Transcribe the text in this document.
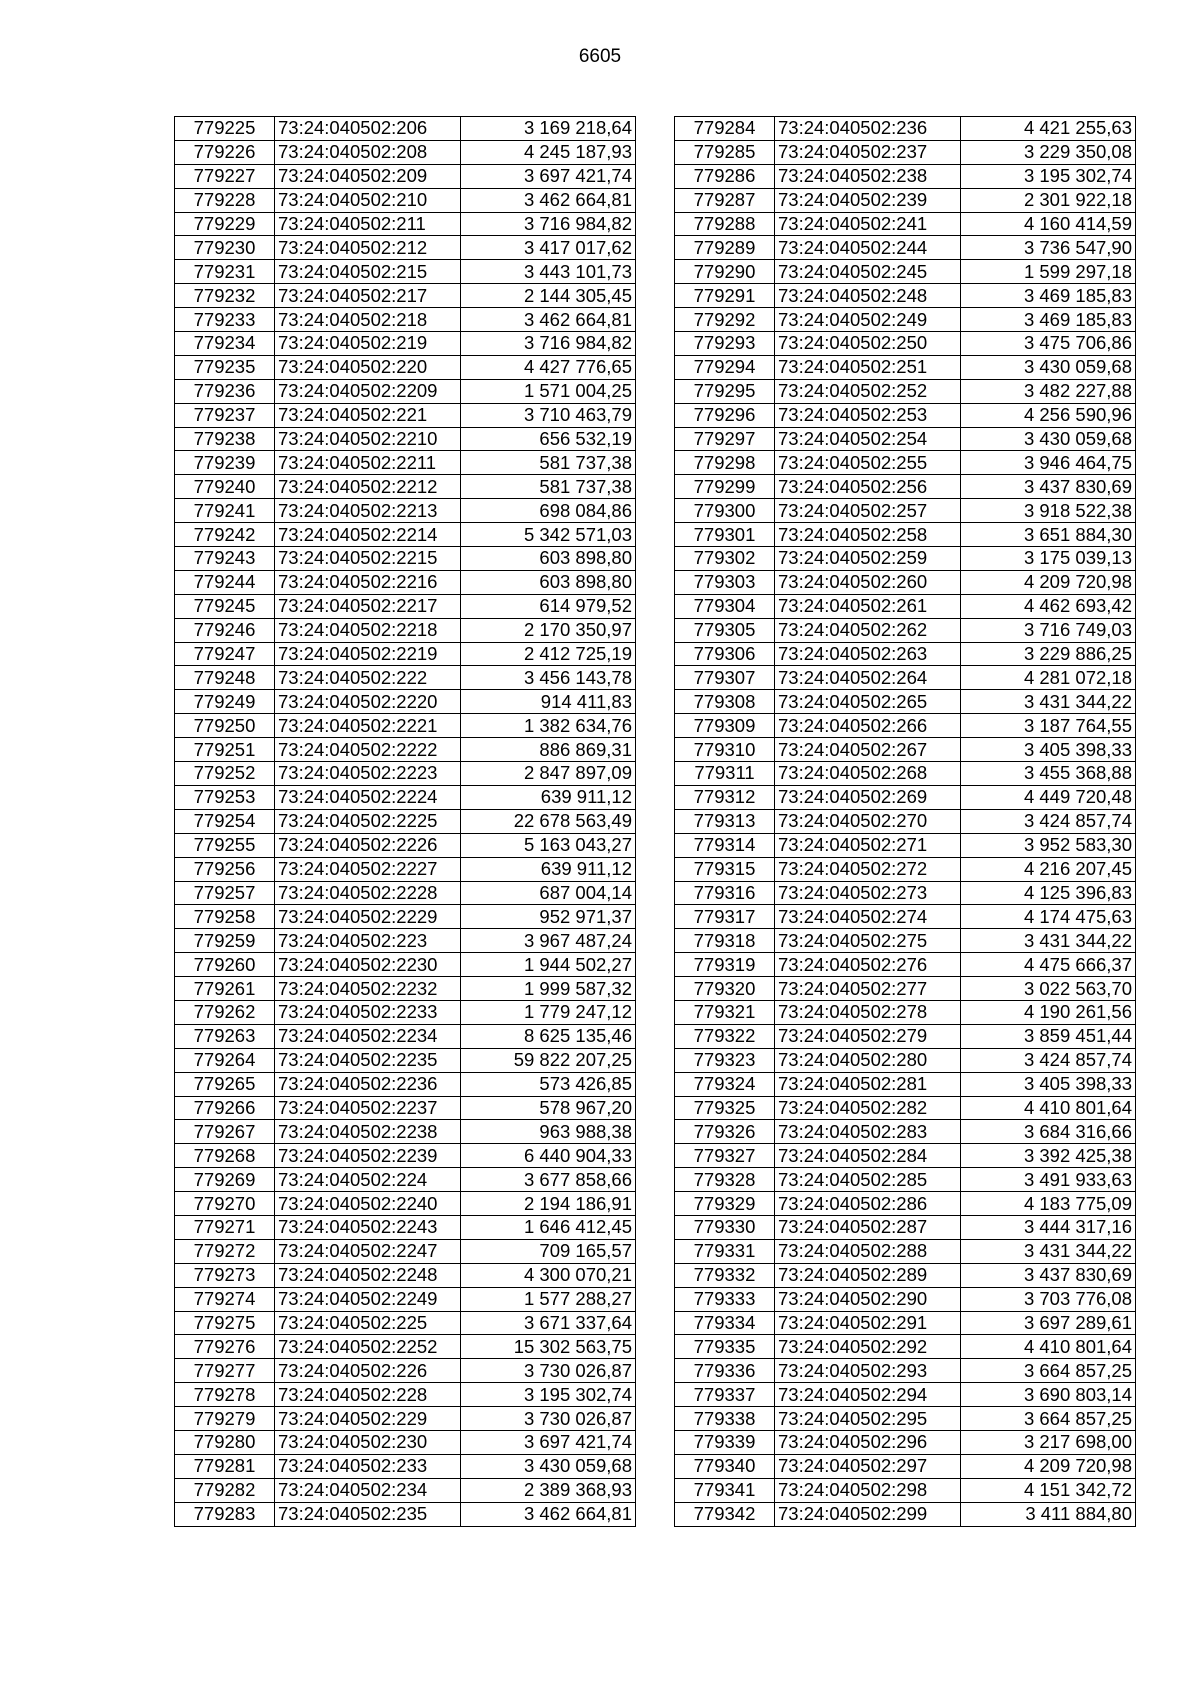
6605
779225	73:24:040502:206	3 169 218,64
779226	73:24:040502:208	4 245 187,93
779227	73:24:040502:209	3 697 421,74
779228	73:24:040502:210	3 462 664,81
779229	73:24:040502:211	3 716 984,82
779230	73:24:040502:212	3 417 017,62
779231	73:24:040502:215	3 443 101,73
779232	73:24:040502:217	2 144 305,45
779233	73:24:040502:218	3 462 664,81
779234	73:24:040502:219	3 716 984,82
779235	73:24:040502:220	4 427 776,65
779236	73:24:040502:2209	1 571 004,25
779237	73:24:040502:221	3 710 463,79
779238	73:24:040502:2210	656 532,19
779239	73:24:040502:2211	581 737,38
779240	73:24:040502:2212	581 737,38
779241	73:24:040502:2213	698 084,86
779242	73:24:040502:2214	5 342 571,03
779243	73:24:040502:2215	603 898,80
779244	73:24:040502:2216	603 898,80
779245	73:24:040502:2217	614 979,52
779246	73:24:040502:2218	2 170 350,97
779247	73:24:040502:2219	2 412 725,19
779248	73:24:040502:222	3 456 143,78
779249	73:24:040502:2220	914 411,83
779250	73:24:040502:2221	1 382 634,76
779251	73:24:040502:2222	886 869,31
779252	73:24:040502:2223	2 847 897,09
779253	73:24:040502:2224	639 911,12
779254	73:24:040502:2225	22 678 563,49
779255	73:24:040502:2226	5 163 043,27
779256	73:24:040502:2227	639 911,12
779257	73:24:040502:2228	687 004,14
779258	73:24:040502:2229	952 971,37
779259	73:24:040502:223	3 967 487,24
779260	73:24:040502:2230	1 944 502,27
779261	73:24:040502:2232	1 999 587,32
779262	73:24:040502:2233	1 779 247,12
779263	73:24:040502:2234	8 625 135,46
779264	73:24:040502:2235	59 822 207,25
779265	73:24:040502:2236	573 426,85
779266	73:24:040502:2237	578 967,20
779267	73:24:040502:2238	963 988,38
779268	73:24:040502:2239	6 440 904,33
779269	73:24:040502:224	3 677 858,66
779270	73:24:040502:2240	2 194 186,91
779271	73:24:040502:2243	1 646 412,45
779272	73:24:040502:2247	709 165,57
779273	73:24:040502:2248	4 300 070,21
779274	73:24:040502:2249	1 577 288,27
779275	73:24:040502:225	3 671 337,64
779276	73:24:040502:2252	15 302 563,75
779277	73:24:040502:226	3 730 026,87
779278	73:24:040502:228	3 195 302,74
779279	73:24:040502:229	3 730 026,87
779280	73:24:040502:230	3 697 421,74
779281	73:24:040502:233	3 430 059,68
779282	73:24:040502:234	2 389 368,93
779283	73:24:040502:235	3 462 664,81
779284	73:24:040502:236	4 421 255,63
779285	73:24:040502:237	3 229 350,08
779286	73:24:040502:238	3 195 302,74
779287	73:24:040502:239	2 301 922,18
779288	73:24:040502:241	4 160 414,59
779289	73:24:040502:244	3 736 547,90
779290	73:24:040502:245	1 599 297,18
779291	73:24:040502:248	3 469 185,83
779292	73:24:040502:249	3 469 185,83
779293	73:24:040502:250	3 475 706,86
779294	73:24:040502:251	3 430 059,68
779295	73:24:040502:252	3 482 227,88
779296	73:24:040502:253	4 256 590,96
779297	73:24:040502:254	3 430 059,68
779298	73:24:040502:255	3 946 464,75
779299	73:24:040502:256	3 437 830,69
779300	73:24:040502:257	3 918 522,38
779301	73:24:040502:258	3 651 884,30
779302	73:24:040502:259	3 175 039,13
779303	73:24:040502:260	4 209 720,98
779304	73:24:040502:261	4 462 693,42
779305	73:24:040502:262	3 716 749,03
779306	73:24:040502:263	3 229 886,25
779307	73:24:040502:264	4 281 072,18
779308	73:24:040502:265	3 431 344,22
779309	73:24:040502:266	3 187 764,55
779310	73:24:040502:267	3 405 398,33
779311	73:24:040502:268	3 455 368,88
779312	73:24:040502:269	4 449 720,48
779313	73:24:040502:270	3 424 857,74
779314	73:24:040502:271	3 952 583,30
779315	73:24:040502:272	4 216 207,45
779316	73:24:040502:273	4 125 396,83
779317	73:24:040502:274	4 174 475,63
779318	73:24:040502:275	3 431 344,22
779319	73:24:040502:276	4 475 666,37
779320	73:24:040502:277	3 022 563,70
779321	73:24:040502:278	4 190 261,56
779322	73:24:040502:279	3 859 451,44
779323	73:24:040502:280	3 424 857,74
779324	73:24:040502:281	3 405 398,33
779325	73:24:040502:282	4 410 801,64
779326	73:24:040502:283	3 684 316,66
779327	73:24:040502:284	3 392 425,38
779328	73:24:040502:285	3 491 933,63
779329	73:24:040502:286	4 183 775,09
779330	73:24:040502:287	3 444 317,16
779331	73:24:040502:288	3 431 344,22
779332	73:24:040502:289	3 437 830,69
779333	73:24:040502:290	3 703 776,08
779334	73:24:040502:291	3 697 289,61
779335	73:24:040502:292	4 410 801,64
779336	73:24:040502:293	3 664 857,25
779337	73:24:040502:294	3 690 803,14
779338	73:24:040502:295	3 664 857,25
779339	73:24:040502:296	3 217 698,00
779340	73:24:040502:297	4 209 720,98
779341	73:24:040502:298	4 151 342,72
779342	73:24:040502:299	3 411 884,80
